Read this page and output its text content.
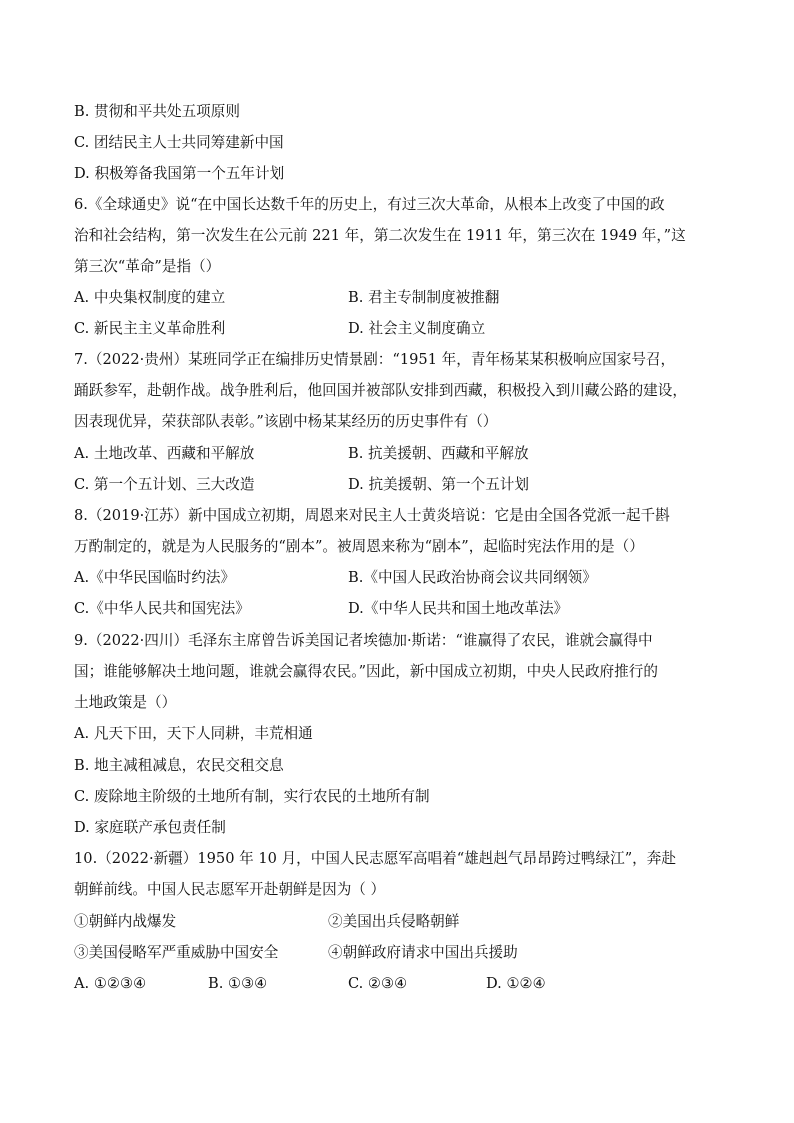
B. 贯彻和平共处五项原则
C. 团结民主人士共同筹建新中国
D. 积极筹备我国第一个五年计划
6.《全球通史》说“在中国长达数千年的历史上，有过三次大革命，从根本上改变了中国的政
治和社会结构，第一次发生在公元前 221 年，第二次发生在 1911 年，第三次在 1949 年，”这
第三次“革命”是指（）
A. 中央集权制度的建立	B. 君主专制制度被推翻
C. 新民主主义革命胜利	D. 社会主义制度确立
7.（2022·贵州）某班同学正在编排历史情景剧：“1951 年，青年杨某某积极响应国家号召，
踊跃参军，赴朝作战。战争胜利后，他回国并被部队安排到西藏，积极投入到川藏公路的建设，
因表现优异，荣获部队表彰。”该剧中杨某某经历的历史事件有（）
A. 土地改革、西藏和平解放	B. 抗美援朝、西藏和平解放
C. 第一个五计划、三大改造	D. 抗美援朝、第一个五计划
8.（2019·江苏）新中国成立初期，周恩来对民主人士黄炎培说：它是由全国各党派一起千斟
万酌制定的，就是为人民服务的“剧本”。被周恩来称为“剧本”，起临时宪法作用的是（）
A.《中华民国临时约法》	B.《中国人民政治协商会议共同纲领》
C.《中华人民共和国宪法》	D.《中华人民共和国土地改革法》
9.（2022·四川）毛泽东主席曾告诉美国记者埃德加·斯诺：“谁赢得了农民，谁就会赢得中
国；谁能够解决土地问题，谁就会赢得农民。”因此，新中国成立初期，中央人民政府推行的
土地政策是（）
A. 凡天下田，天下人同耕，丰荒相通
B. 地主减租减息，农民交租交息
C. 废除地主阶级的土地所有制，实行农民的土地所有制
D. 家庭联产承包责任制
10.（2022·新疆）1950 年 10 月，中国人民志愿军高唱着“雄赳赳气昂昂跨过鸭绿江”，奔赴
朝鲜前线。中国人民志愿军开赴朝鲜是因为（ ）
①朝鲜内战爆发	②美国出兵侵略朝鲜
③美国侵略军严重威胁中国安全	④朝鲜政府请求中国出兵援助
A. ①②③④	B. ①③④	C. ②③④	D. ①②④
